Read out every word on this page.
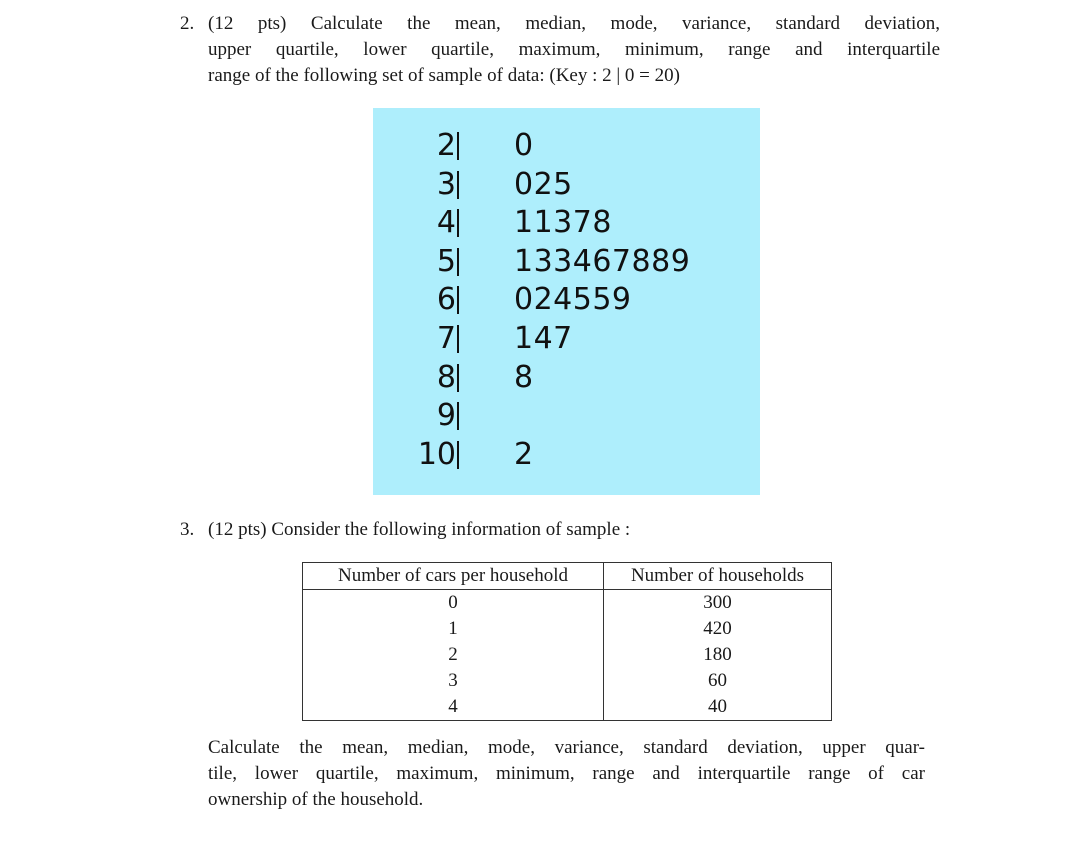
2. (12 pts) Calculate the mean, median, mode, variance, standard deviation,
upper quartile, lower quartile, maximum, minimum, range and interquartile
range of the following set of sample of data: (Key : 2 | 0 = 20)
2 0
3 025
4 11378
5 133467889
6 024559
7 147
8 8
9
10 2
3. (12 pts) Consider the following information of sample :
Number of cars per household	Number of households
0	300
1	420
2	180
3	60
4	40
Calculate the mean, median, mode, variance, standard deviation, upper quar-
tile, lower quartile, maximum, minimum, range and interquartile range of car
ownership of the household.
